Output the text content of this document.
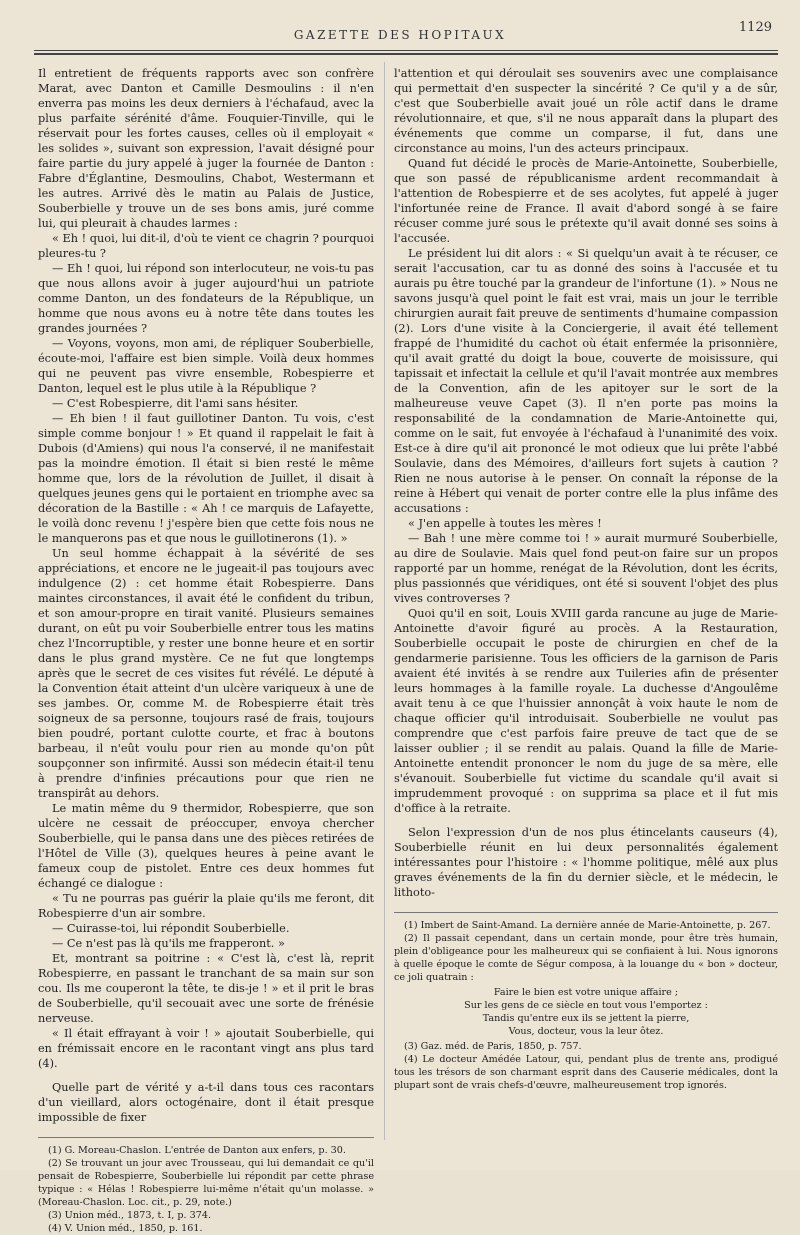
GAZETTE DES HOPITAUX	1129

Il entretient de fréquents rapports avec son confrère Marat, avec Danton et Camille Desmoulins : il n'en enverra pas moins les deux derniers à l'échafaud, avec la plus parfaite sérénité d'âme. Fouquier-Tinville, qui le réservait pour les fortes causes, celles où il employait « les solides », suivant son expression, l'avait désigné pour faire partie du jury appelé à juger la fournée de Danton : Fabre d'Églantine, Desmoulins, Chabot, Westermann et les autres. Arrivé dès le matin au Palais de Justice, Souberbielle y trouve un de ses bons amis, juré comme lui, qui pleurait à chaudes larmes :

« Eh ! quoi, lui dit-il, d'où te vient ce chagrin ? pourquoi pleures-tu ?

— Eh ! quoi, lui répond son interlocuteur, ne vois-tu pas que nous allons avoir à juger aujourd'hui un patriote comme Danton, un des fondateurs de la République, un homme que nous avons eu à notre tête dans toutes les grandes journées ?

— Voyons, voyons, mon ami, de répliquer Souberbielle, écoute-moi, l'affaire est bien simple. Voilà deux hommes qui ne peuvent pas vivre ensemble, Robespierre et Danton, lequel est le plus utile à la République ?

— C'est Robespierre, dit l'ami sans hésiter.

— Eh bien ! il faut guillotiner Danton. Tu vois, c'est simple comme bonjour ! » Et quand il rappelait le fait à Dubois (d'Amiens) qui nous l'a conservé, il ne manifestait pas la moindre émotion. Il était si bien resté le même homme que, lors de la révolution de Juillet, il disait à quelques jeunes gens qui le portaient en triomphe avec sa décoration de la Bastille : « Ah ! ce marquis de Lafayette, le voilà donc revenu ! j'espère bien que cette fois nous ne le manquerons pas et que nous le guillotinerons (1). »

Un seul homme échappait à la sévérité de ses appréciations, et encore ne le jugeait-il pas toujours avec indulgence (2) : cet homme était Robespierre. Dans maintes circonstances, il avait été le confident du tribun, et son amour-propre en tirait vanité. Plusieurs semaines durant, on eût pu voir Souberbielle entrer tous les matins chez l'Incorruptible, y rester une bonne heure et en sortir dans le plus grand mystère. Ce ne fut que longtemps après que le secret de ces visites fut révélé. Le député à la Convention était atteint d'un ulcère variqueux à une de ses jambes. Or, comme M. de Robespierre était très soigneux de sa personne, toujours rasé de frais, toujours bien poudré, portant culotte courte, et frac à boutons barbeau, il n'eût voulu pour rien au monde qu'on pût soupçonner son infirmité. Aussi son médecin était-il tenu à prendre d'infinies précautions pour que rien ne transpirât au dehors.

Le matin même du 9 thermidor, Robespierre, que son ulcère ne cessait de préoccuper, envoya chercher Souberbielle, qui le pansa dans une des pièces retirées de l'Hôtel de Ville (3), quelques heures à peine avant le fameux coup de pistolet. Entre ces deux hommes fut échangé ce dialogue :

« Tu ne pourras pas guérir la plaie qu'ils me feront, dit Robespierre d'un air sombre.

— Cuirasse-toi, lui répondit Souberbielle.

— Ce n'est pas là qu'ils me frapperont. »

Et, montrant sa poitrine : « C'est là, c'est là, reprit Robespierre, en passant le tranchant de sa main sur son cou. Ils me couperont la tête, te dis-je ! » et il prit le bras de Souberbielle, qu'il secouait avec une sorte de frénésie nerveuse.

« Il était effrayant à voir ! » ajoutait Souberbielle, qui en frémissait encore en le racontant vingt ans plus tard (4).

Quelle part de vérité y a-t-il dans tous ces racontars d'un vieillard, alors octogénaire, dont il était presque impossible de fixer

(1) G. Moreau-Chaslon. L'entrée de Danton aux enfers, p. 30.

(2) Se trouvant un jour avec Trousseau, qui lui demandait ce qu'il pensait de Robespierre, Souberbielle lui répondit par cette phrase typique : « Hélas ! Robespierre lui-même n'était qu'un molasse. » (Moreau-Chaslon. Loc. cit., p. 29, note.)

(3) Union méd., 1873, t. I, p. 374.

(4) V. Union méd., 1850, p. 161.

l'attention et qui déroulait ses souvenirs avec une complaisance qui permettait d'en suspecter la sincérité ? Ce qu'il y a de sûr, c'est que Souberbielle avait joué un rôle actif dans le drame révolutionnaire, et que, s'il ne nous apparaît dans la plupart des événements que comme un comparse, il fut, dans une circonstance au moins, l'un des acteurs principaux.

Quand fut décidé le procès de Marie-Antoinette, Souberbielle, que son passé de républicanisme ardent recommandait à l'attention de Robespierre et de ses acolytes, fut appelé à juger l'infortunée reine de France. Il avait d'abord songé à se faire récuser comme juré sous le prétexte qu'il avait donné ses soins à l'accusée.

Le président lui dit alors : « Si quelqu'un avait à te récuser, ce serait l'accusation, car tu as donné des soins à l'accusée et tu aurais pu être touché par la grandeur de l'infortune (1). » Nous ne savons jusqu'à quel point le fait est vrai, mais un jour le terrible chirurgien aurait fait preuve de sentiments d'humaine compassion (2). Lors d'une visite à la Conciergerie, il avait été tellement frappé de l'humidité du cachot où était enfermée la prisonnière, qu'il avait gratté du doigt la boue, couverte de moisissure, qui tapissait et infectait la cellule et qu'il l'avait montrée aux membres de la Convention, afin de les apitoyer sur le sort de la malheureuse veuve Capet (3). Il n'en porte pas moins la responsabilité de la condamnation de Marie-Antoinette qui, comme on le sait, fut envoyée à l'échafaud à l'unanimité des voix. Est-ce à dire qu'il ait prononcé le mot odieux que lui prête l'abbé Soulavie, dans des Mémoires, d'ailleurs fort sujets à caution ? Rien ne nous autorise à le penser. On connaît la réponse de la reine à Hébert qui venait de porter contre elle la plus infâme des accusations :

« J'en appelle à toutes les mères !

— Bah ! une mère comme toi ! » aurait murmuré Souberbielle, au dire de Soulavie. Mais quel fond peut-on faire sur un propos rapporté par un homme, renégat de la Révolution, dont les écrits, plus passionnés que véridiques, ont été si souvent l'objet des plus vives controverses ?

Quoi qu'il en soit, Louis XVIII garda rancune au juge de Marie-Antoinette d'avoir figuré au procès. A la Restauration, Souberbielle occupait le poste de chirurgien en chef de la gendarmerie parisienne. Tous les officiers de la garnison de Paris avaient été invités à se rendre aux Tuileries afin de présenter leurs hommages à la famille royale. La duchesse d'Angoulême avait tenu à ce que l'huissier annonçât à voix haute le nom de chaque officier qu'il introduisait. Souberbielle ne voulut pas comprendre que c'est parfois faire preuve de tact que de se laisser oublier ; il se rendit au palais. Quand la fille de Marie-Antoinette entendit prononcer le nom du juge de sa mère, elle s'évanouit. Souberbielle fut victime du scandale qu'il avait si imprudemment provoqué : on supprima sa place et il fut mis d'office à la retraite.

Selon l'expression d'un de nos plus étincelants causeurs (4), Souberbielle réunit en lui deux personnalités également intéressantes pour l'histoire : « l'homme politique, mêlé aux plus graves événements de la fin du dernier siècle, et le médecin, le lithoto-

(1) Imbert de Saint-Amand. La dernière année de Marie-Antoinette, p. 267.

(2) Il passait cependant, dans un certain monde, pour être très humain, plein d'obligeance pour les malheureux qui se confiaient à lui. Nous ignorons à quelle époque le comte de Ségur composa, à la louange du « bon » docteur, ce joli quatrain :

Faire le bien est votre unique affaire ;
Sur les gens de ce siècle en tout vous l'emportez :
Tandis qu'entre eux ils se jettent la pierre,
Vous, docteur, vous la leur ôtez.

(3) Gaz. méd. de Paris, 1850, p. 757.

(4) Le docteur Amédée Latour, qui, pendant plus de trente ans, prodigué tous les trésors de son charmant esprit dans des Causerie médicales, dont la plupart sont de vrais chefs-d'œuvre, malheureusement trop ignorés.
